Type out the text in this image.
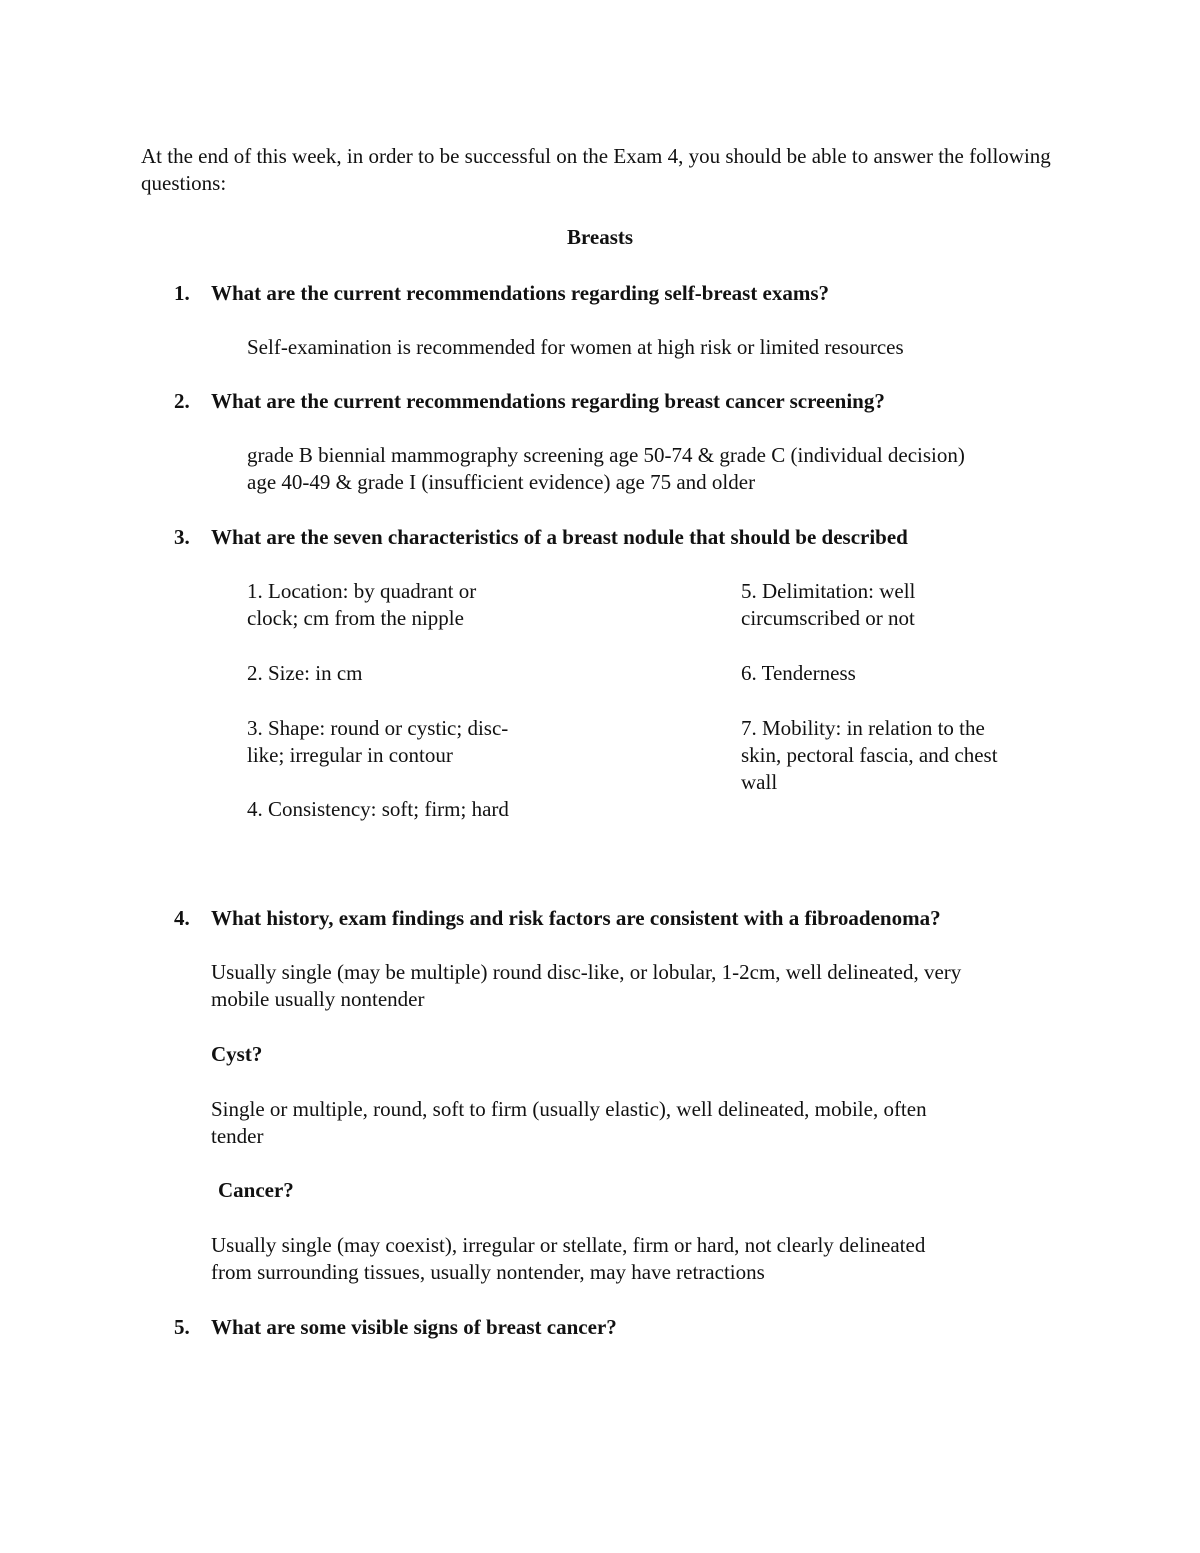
At the end of this week, in order to be successful on the Exam 4, you should be able to answer the following questions:
Breasts
1. What are the current recommendations regarding self-breast exams?
Self-examination is recommended for women at high risk or limited resources
2. What are the current recommendations regarding breast cancer screening?
grade B biennial mammography screening age 50-74 & grade C (individual decision)
age 40-49 & grade I (insufficient evidence) age 75 and older
3. What are the seven characteristics of a breast nodule that should be described
1. Location: by quadrant or
clock; cm from the nipple
2. Size: in cm
3. Shape: round or cystic; disc-
like; irregular in contour
4. Consistency: soft; firm; hard
5. Delimitation: well
circumscribed or not
6. Tenderness
7. Mobility: in relation to the
skin, pectoral fascia, and chest
wall
4. What history, exam findings and risk factors are consistent with a fibroadenoma?
Usually single (may be multiple) round disc-like, or lobular, 1-2cm, well delineated, very
mobile usually nontender
Cyst?
Single or multiple, round, soft to firm (usually elastic), well delineated, mobile, often
tender
Cancer?
Usually single (may coexist), irregular or stellate, firm or hard, not clearly delineated
from surrounding tissues, usually nontender, may have retractions
5. What are some visible signs of breast cancer?
